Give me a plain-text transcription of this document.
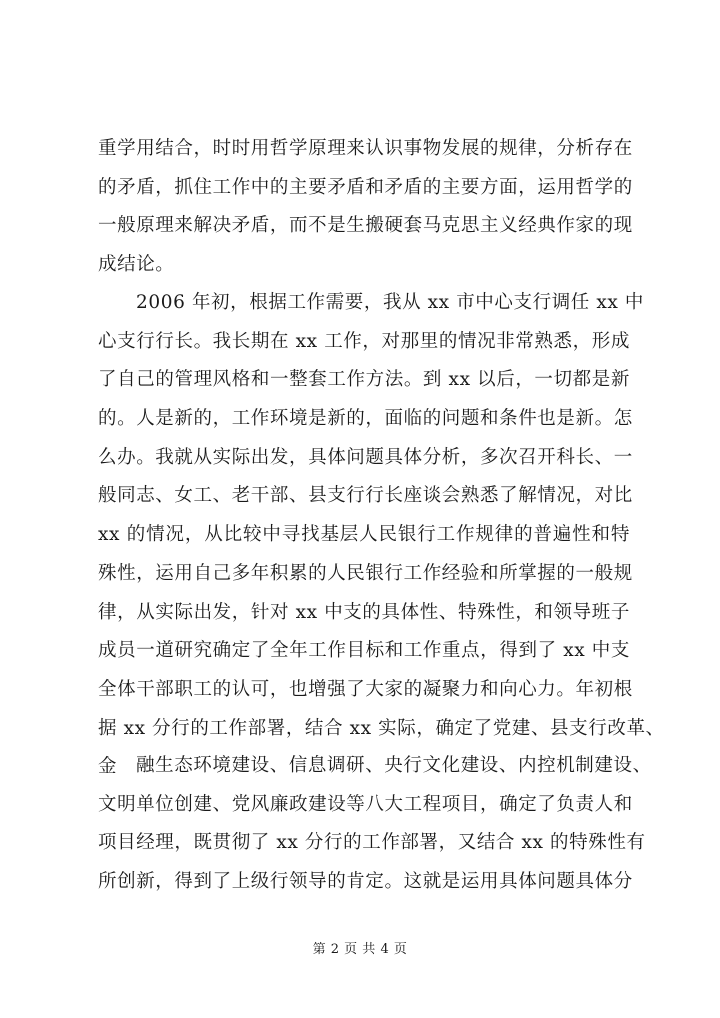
重学用结合，时时用哲学原理来认识事物发展的规律，分析存在
的矛盾，抓住工作中的主要矛盾和矛盾的主要方面，运用哲学的
一般原理来解决矛盾，而不是生搬硬套马克思主义经典作家的现
成结论。
2006 年初，根据工作需要，我从 xx 市中心支行调任 xx 中
心支行行长。我长期在 xx 工作，对那里的情况非常熟悉，形成
了自己的管理风格和一整套工作方法。到 xx 以后，一切都是新
的。人是新的，工作环境是新的，面临的问题和条件也是新。怎
么办。我就从实际出发，具体问题具体分析，多次召开科长、一
般同志、女工、老干部、县支行行长座谈会熟悉了解情况，对比
xx 的情况，从比较中寻找基层人民银行工作规律的普遍性和特
殊性，运用自己多年积累的人民银行工作经验和所掌握的一般规
律，从实际出发，针对 xx 中支的具体性、特殊性，和领导班子
成员一道研究确定了全年工作目标和工作重点，得到了 xx 中支
全体干部职工的认可，也增强了大家的凝聚力和向心力。年初根
据 xx 分行的工作部署，结合 xx 实际，确定了党建、县支行改革、
金	融生态环境建设、信息调研、央行文化建设、内控机制建设、
文明单位创建、党风廉政建设等八大工程项目，确定了负责人和
项目经理，既贯彻了 xx 分行的工作部署，又结合 xx 的特殊性有
所创新，得到了上级行领导的肯定。这就是运用具体问题具体分
第 2 页 共 4 页
